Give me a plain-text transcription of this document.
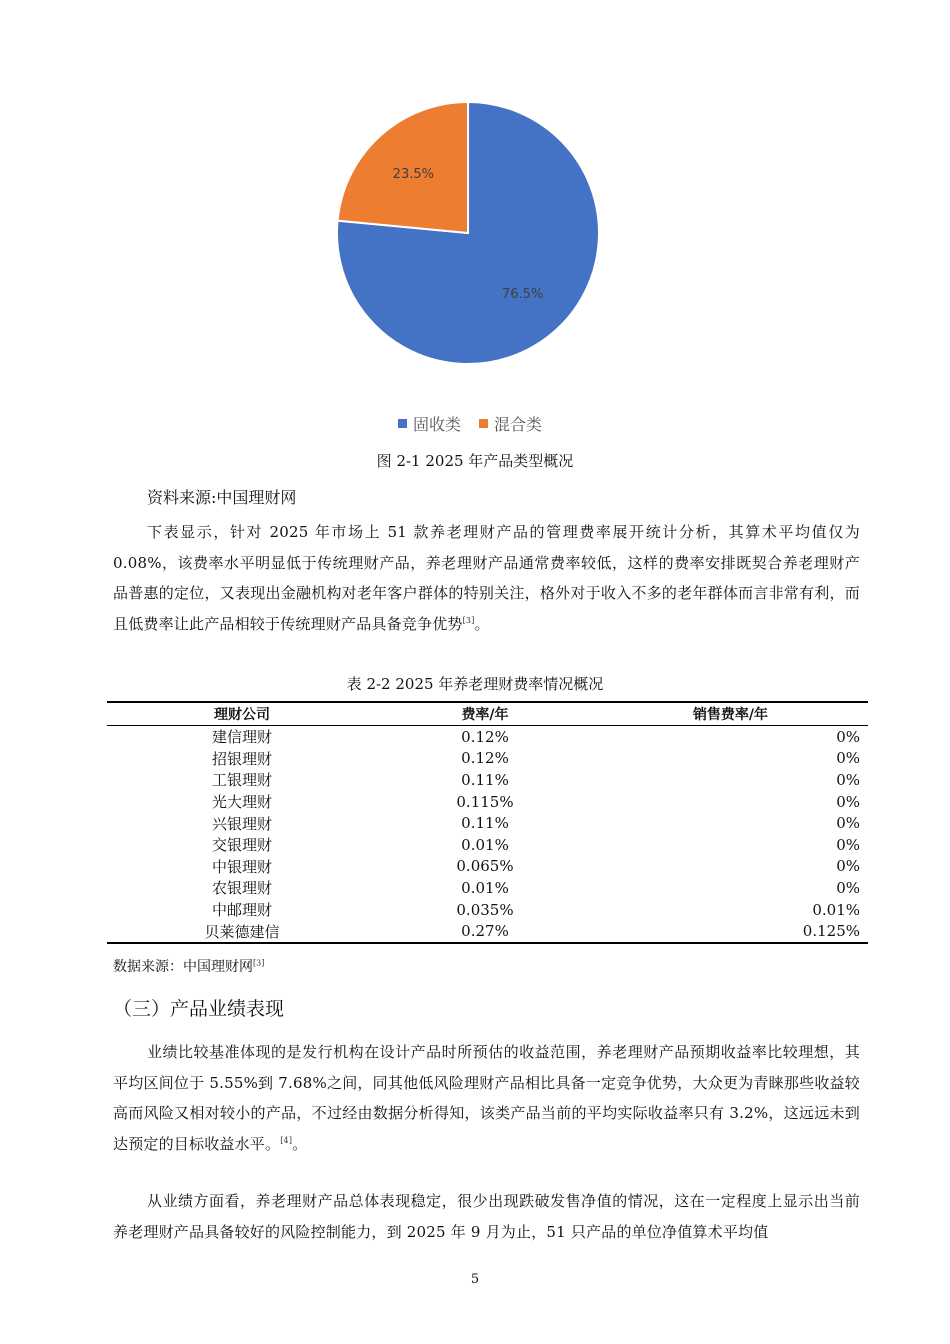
76.5%
23.5%
固收类 混合类
图 2-1 2025 年产品类型概况
资料来源:中国理财网
下表显示，针对 2025 年市场上 51 款养老理财产品的管理费率展开统计分析，其算术平均值仅为 0.08%，该费率水平明显低于传统理财产品，养老理财产品通常费率较低，这样的费率安排既契合养老理财产品普惠的定位，又表现出金融机构对老年客户群体的特别关注，格外对于收入不多的老年群体而言非常有利，而且低费率让此产品相较于传统理财产品具备竞争优势[3]。
表 2-2 2025 年养老理财费率情况概况
理财公司	费率/年	销售费率/年
建信理财	0.12%	0%
招银理财	0.12%	0%
工银理财	0.11%	0%
光大理财	0.115%	0%
兴银理财	0.11%	0%
交银理财	0.01%	0%
中银理财	0.065%	0%
农银理财	0.01%	0%
中邮理财	0.035%	0.01%
贝莱德建信	0.27%	0.125%
数据来源：中国理财网[3]
（三）产品业绩表现
业绩比较基准体现的是发行机构在设计产品时所预估的收益范围，养老理财产品预期收益率比较理想，其平均区间位于 5.55%到 7.68%之间，同其他低风险理财产品相比具备一定竞争优势，大众更为青睐那些收益较高而风险又相对较小的产品，不过经由数据分析得知，该类产品当前的平均实际收益率只有 3.2%，这远远未到达预定的目标收益水平。[4]。
从业绩方面看，养老理财产品总体表现稳定，很少出现跌破发售净值的情况，这在一定程度上显示出当前养老理财产品具备较好的风险控制能力，到 2025 年 9 月为止，51 只产品的单位净值算术平均值
5
